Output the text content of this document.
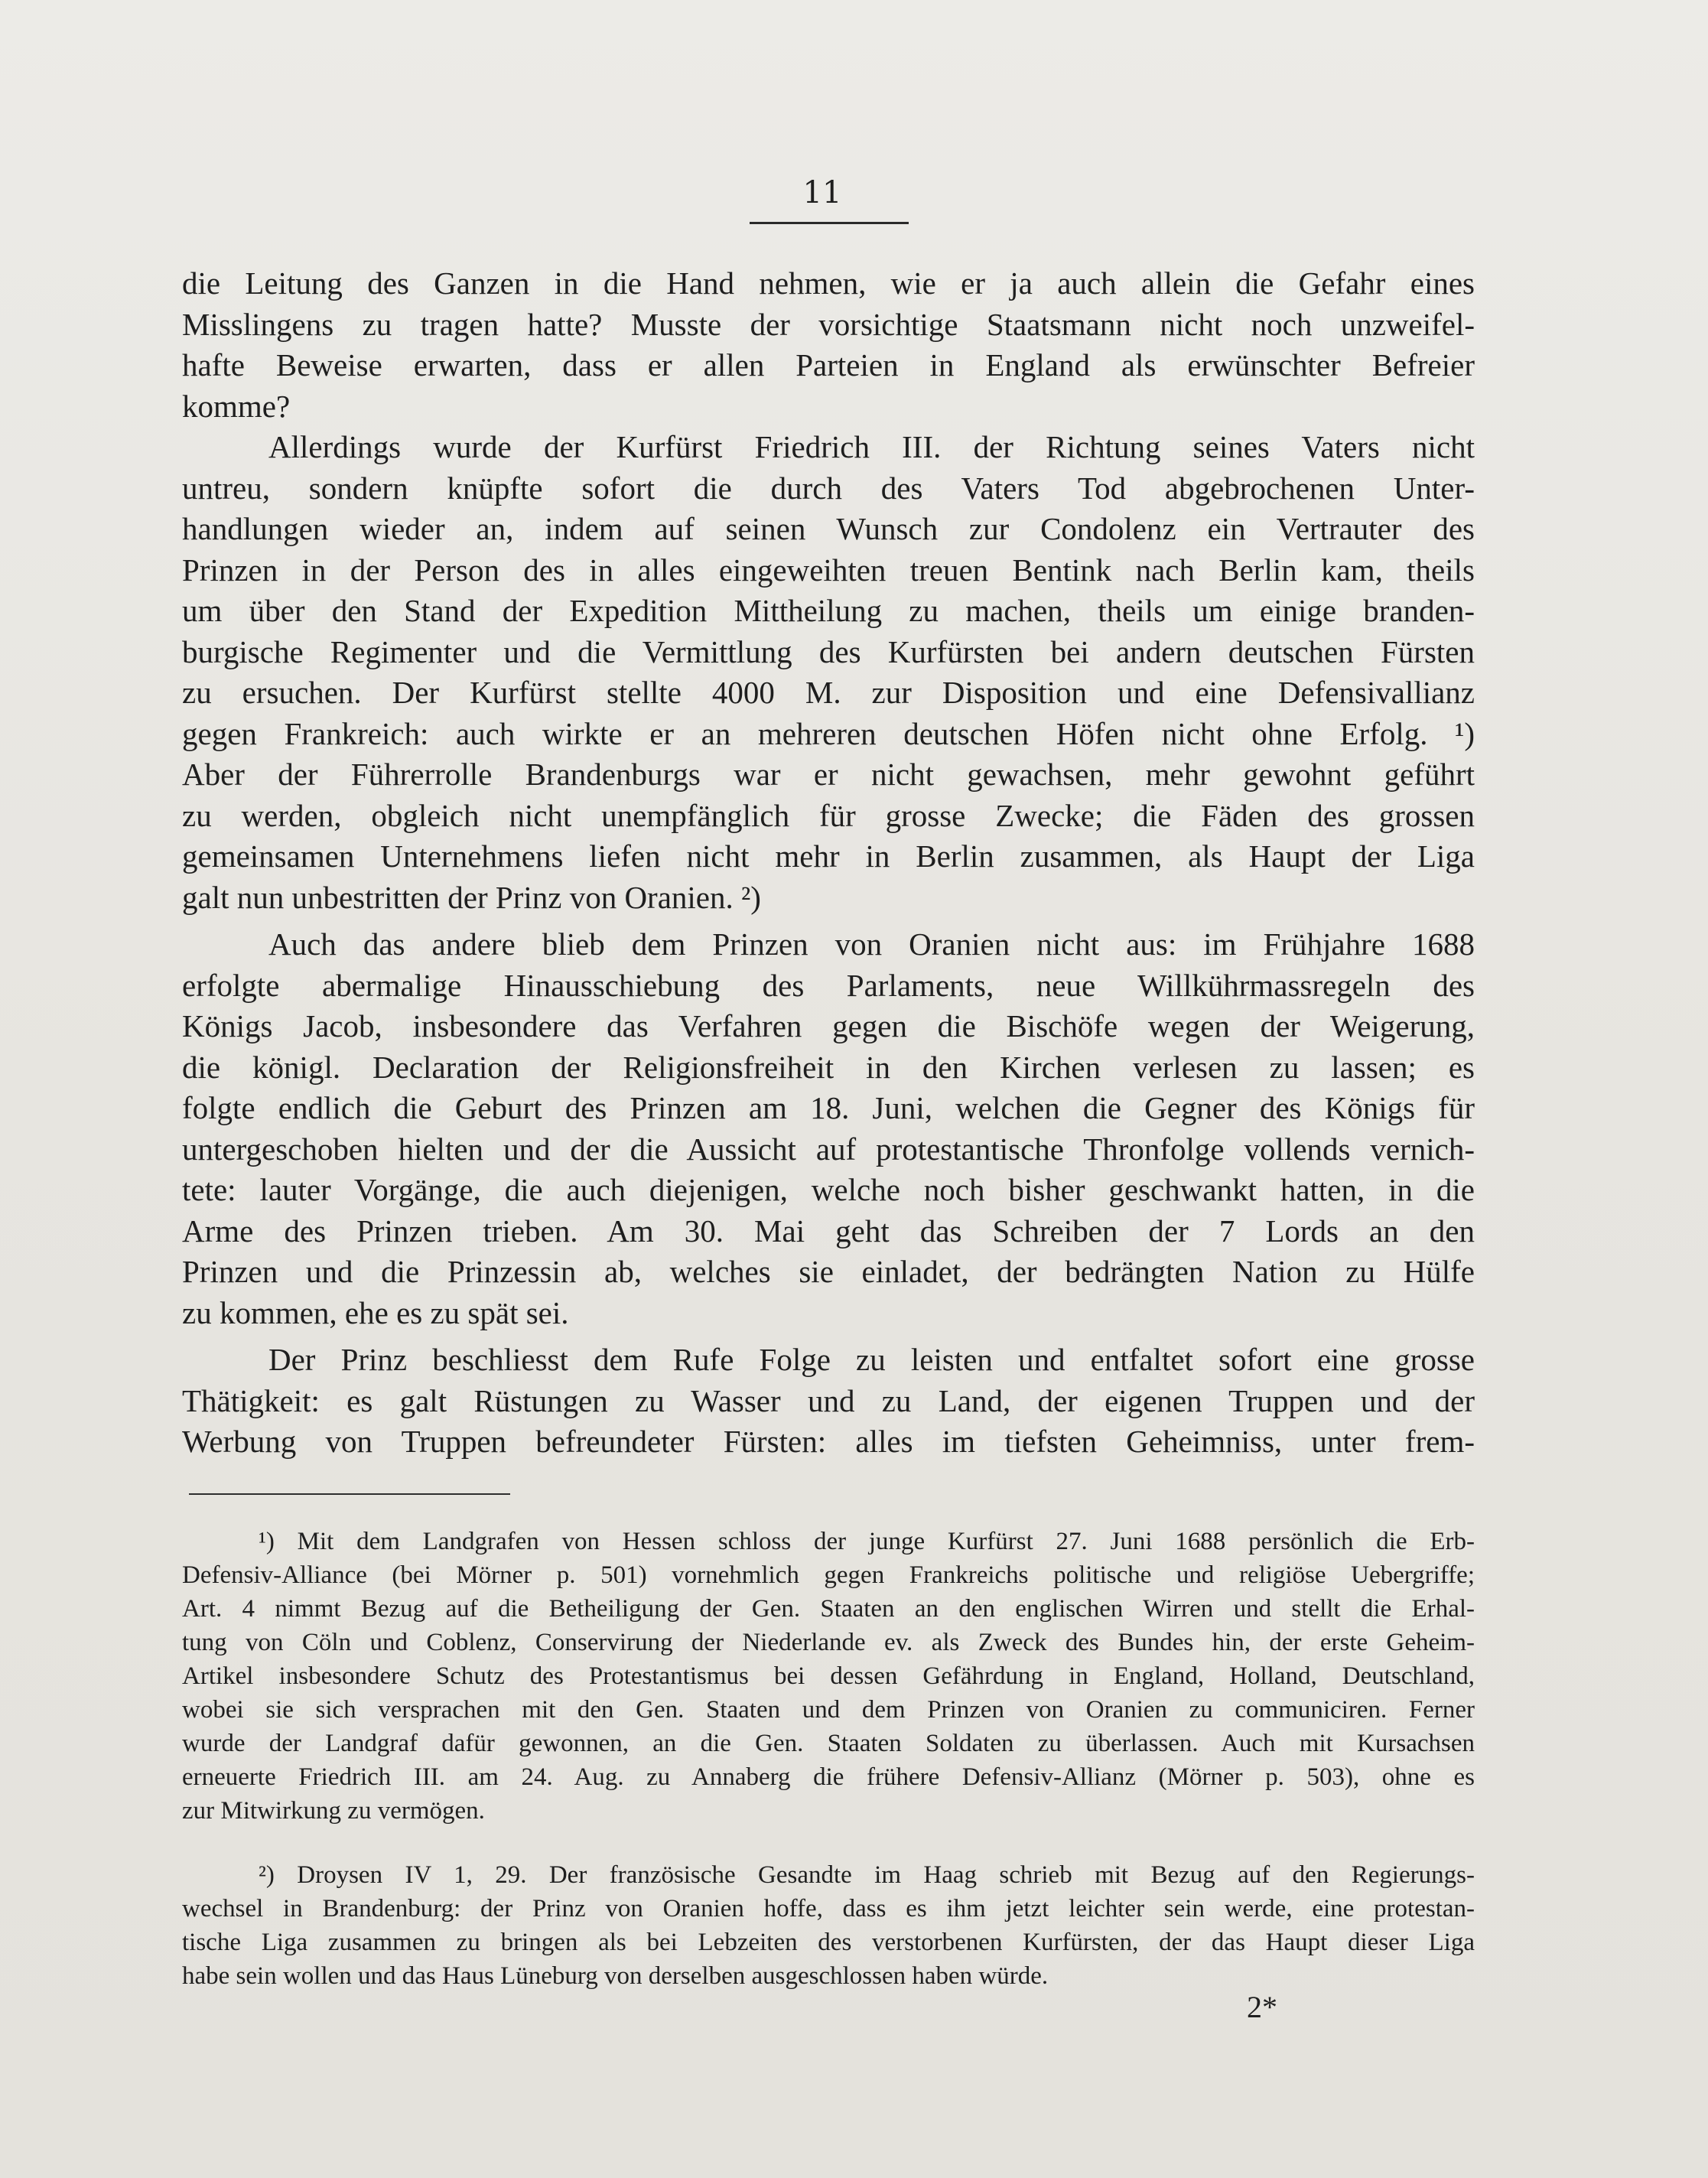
11
die Leitung des Ganzen in die Hand nehmen, wie er ja auch allein die Gefahr eines
Misslingens zu tragen hatte? Musste der vorsichtige Staatsmann nicht noch unzweifel-
hafte Beweise erwarten, dass er allen Parteien in England als erwünschter Befreier
komme?
Allerdings wurde der Kurfürst Friedrich III. der Richtung seines Vaters nicht
untreu, sondern knüpfte sofort die durch des Vaters Tod abgebrochenen Unter-
handlungen wieder an, indem auf seinen Wunsch zur Condolenz ein Vertrauter des
Prinzen in der Person des in alles eingeweihten treuen Bentink nach Berlin kam, theils
um über den Stand der Expedition Mittheilung zu machen, theils um einige branden-
burgische Regimenter und die Vermittlung des Kurfürsten bei andern deutschen Fürsten
zu ersuchen. Der Kurfürst stellte 4000 M. zur Disposition und eine Defensivallianz
gegen Frankreich: auch wirkte er an mehreren deutschen Höfen nicht ohne Erfolg. ¹)
Aber der Führerrolle Brandenburgs war er nicht gewachsen, mehr gewohnt geführt
zu werden, obgleich nicht unempfänglich für grosse Zwecke; die Fäden des grossen
gemeinsamen Unternehmens liefen nicht mehr in Berlin zusammen, als Haupt der Liga
galt nun unbestritten der Prinz von Oranien. ²)
Auch das andere blieb dem Prinzen von Oranien nicht aus: im Frühjahre 1688
erfolgte abermalige Hinausschiebung des Parlaments, neue Willkührmassregeln des
Königs Jacob, insbesondere das Verfahren gegen die Bischöfe wegen der Weigerung,
die königl. Declaration der Religionsfreiheit in den Kirchen verlesen zu lassen; es
folgte endlich die Geburt des Prinzen am 18. Juni, welchen die Gegner des Königs für
untergeschoben hielten und der die Aussicht auf protestantische Thronfolge vollends vernich-
tete: lauter Vorgänge, die auch diejenigen, welche noch bisher geschwankt hatten, in die
Arme des Prinzen trieben. Am 30. Mai geht das Schreiben der 7 Lords an den
Prinzen und die Prinzessin ab, welches sie einladet, der bedrängten Nation zu Hülfe
zu kommen, ehe es zu spät sei.
Der Prinz beschliesst dem Rufe Folge zu leisten und entfaltet sofort eine grosse
Thätigkeit: es galt Rüstungen zu Wasser und zu Land, der eigenen Truppen und der
Werbung von Truppen befreundeter Fürsten: alles im tiefsten Geheimniss, unter frem-
¹) Mit dem Landgrafen von Hessen schloss der junge Kurfürst 27. Juni 1688 persönlich die Erb-
Defensiv-Alliance (bei Mörner p. 501) vornehmlich gegen Frankreichs politische und religiöse Uebergriffe;
Art. 4 nimmt Bezug auf die Betheiligung der Gen. Staaten an den englischen Wirren und stellt die Erhal-
tung von Cöln und Coblenz, Conservirung der Niederlande ev. als Zweck des Bundes hin, der erste Geheim-
Artikel insbesondere Schutz des Protestantismus bei dessen Gefährdung in England, Holland, Deutschland,
wobei sie sich versprachen mit den Gen. Staaten und dem Prinzen von Oranien zu communiciren. Ferner
wurde der Landgraf dafür gewonnen, an die Gen. Staaten Soldaten zu überlassen. Auch mit Kursachsen
erneuerte Friedrich III. am 24. Aug. zu Annaberg die frühere Defensiv-Allianz (Mörner p. 503), ohne es
zur Mitwirkung zu vermögen.
²) Droysen IV 1, 29. Der französische Gesandte im Haag schrieb mit Bezug auf den Regierungs-
wechsel in Brandenburg: der Prinz von Oranien hoffe, dass es ihm jetzt leichter sein werde, eine protestan-
tische Liga zusammen zu bringen als bei Lebzeiten des verstorbenen Kurfürsten, der das Haupt dieser Liga
habe sein wollen und das Haus Lüneburg von derselben ausgeschlossen haben würde.
2*
